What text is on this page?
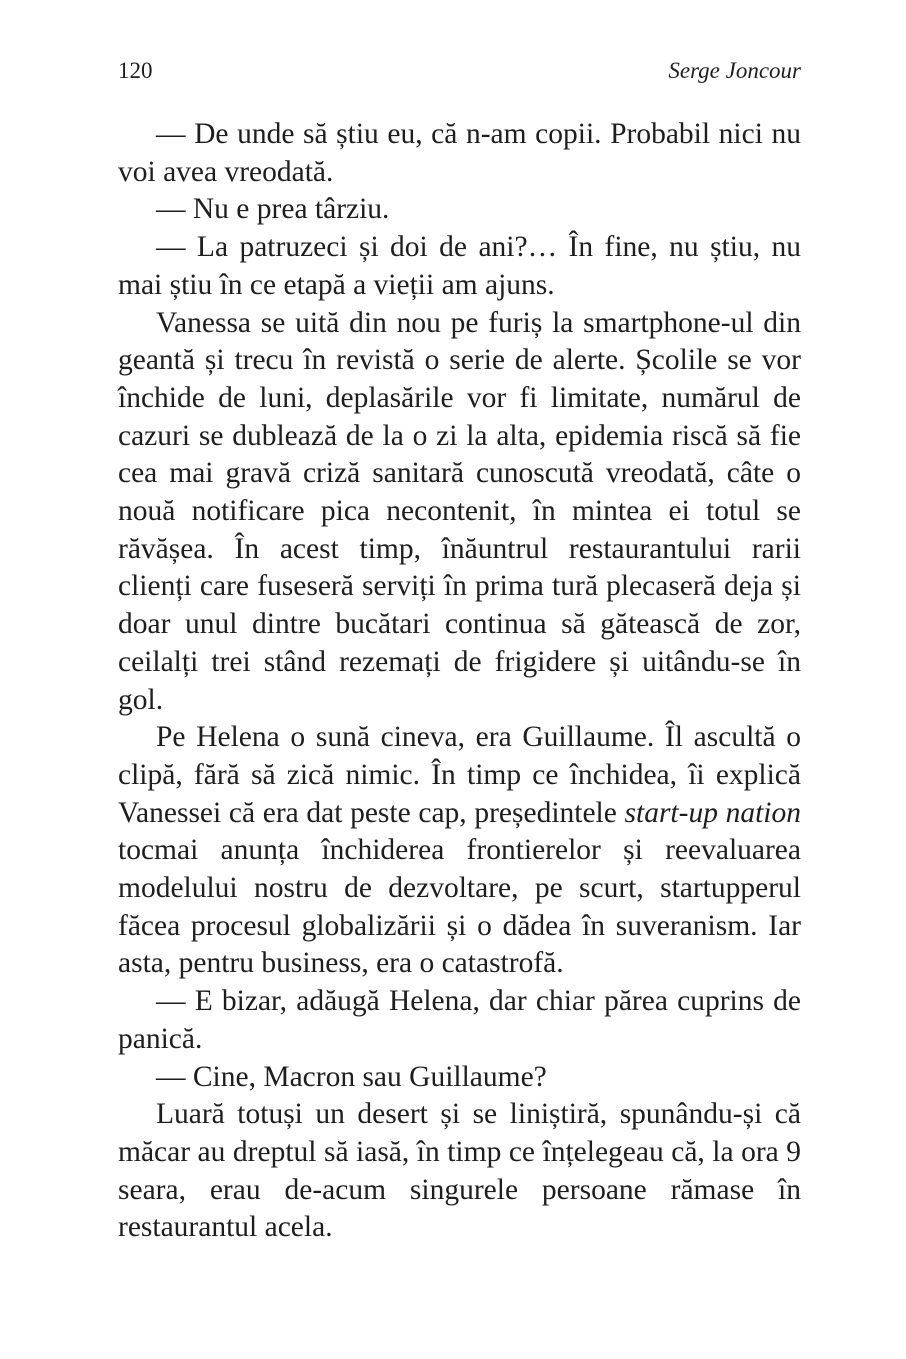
120	Serge Joncour

— De unde să știu eu, că n-am copii. Probabil nici nu voi avea vreodată.

— Nu e prea târziu.

— La patruzeci și doi de ani?… În fine, nu știu, nu mai știu în ce etapă a vieții am ajuns.

Vanessa se uită din nou pe furiș la smartphone-ul din geantă și trecu în revistă o serie de alerte. Școlile se vor închide de luni, deplasările vor fi limitate, numărul de cazuri se dublează de la o zi la alta, epidemia riscă să fie cea mai gravă criză sanitară cunoscută vreodată, câte o nouă notificare pica necontenit, în mintea ei totul se răvășea. În acest timp, înăuntrul restaurantului rarii clienți care fuseseră serviți în prima tură plecaseră deja și doar unul dintre bucătari continua să gătească de zor, ceilalți trei stând rezemați de frigidere și uitându-se în gol.

Pe Helena o sună cineva, era Guillaume. Îl ascultă o clipă, fără să zică nimic. În timp ce închidea, îi explică Vanessei că era dat peste cap, președintele start-up nation tocmai anunța închiderea frontierelor și reevaluarea modelului nostru de dezvoltare, pe scurt, startupperul făcea procesul globalizării și o dădea în suveranism. Iar asta, pentru business, era o catastrofă.

— E bizar, adăugă Helena, dar chiar părea cuprins de panică.

— Cine, Macron sau Guillaume?

Luară totuși un desert și se liniștiră, spunându-și că măcar au dreptul să iasă, în timp ce înțelegeau că, la ora 9 seara, erau de-acum singurele persoane rămase în restaurantul acela.
